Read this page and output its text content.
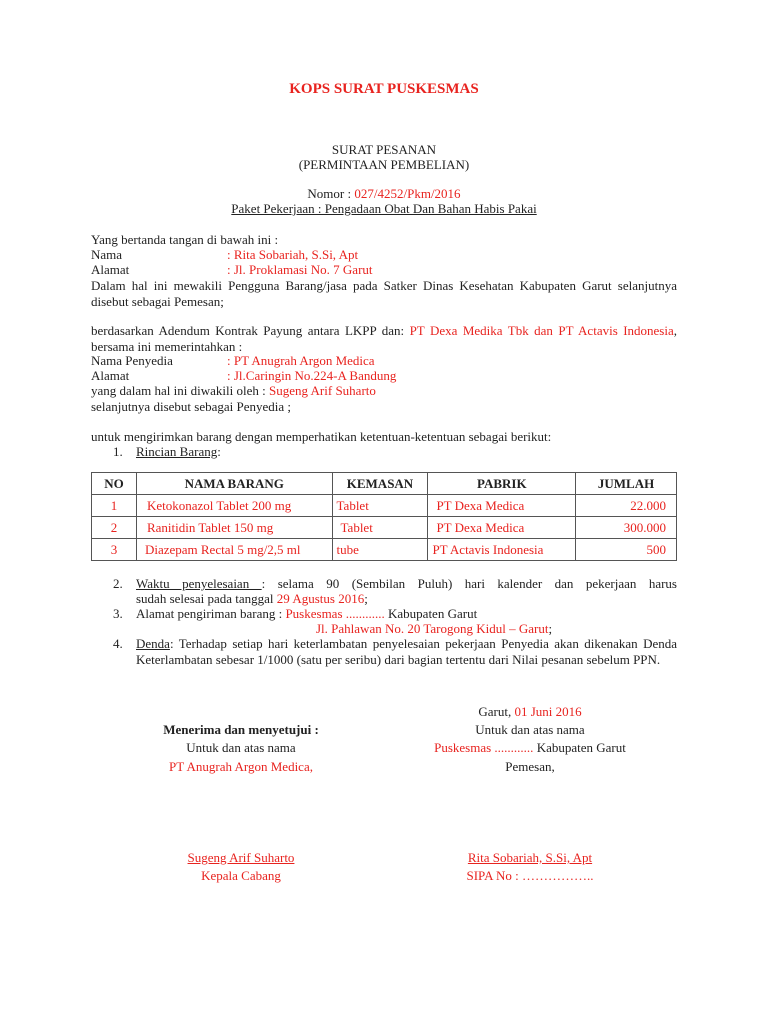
KOPS SURAT PUSKESMAS
SURAT PESANAN
(PERMINTAAN PEMBELIAN)
Nomor : 027/4252/Pkm/2016
Paket Pekerjaan : Pengadaan Obat Dan Bahan Habis Pakai
Yang bertanda tangan di bawah ini :
Nama	: Rita Sobariah, S.Si, Apt
Alamat	: Jl. Proklamasi No. 7 Garut
Dalam hal ini mewakili Pengguna Barang/jasa pada Satker Dinas Kesehatan Kabupaten Garut selanjutnya disebut sebagai Pemesan;
berdasarkan Adendum Kontrak Payung antara LKPP dan: PT Dexa Medika Tbk dan PT Actavis Indonesia, bersama ini memerintahkan :
Nama Penyedia	: PT Anugrah Argon Medica
Alamat	: Jl.Caringin No.224-A Bandung
yang dalam hal ini diwakili oleh : Sugeng Arif Suharto
selanjutnya disebut sebagai Penyedia ;
untuk mengirimkan barang dengan memperhatikan ketentuan-ketentuan sebagai berikut:
1. Rincian Barang:
NO	NAMA BARANG	KEMASAN	PABRIK	JUMLAH
1	Ketokonazol Tablet 200 mg	Tablet	PT Dexa Medica	22.000
2	Ranitidin Tablet 150 mg	Tablet	PT Dexa Medica	300.000
3	Diazepam Rectal 5 mg/2,5 ml	tube	PT Actavis Indonesia	500
2. Waktu penyelesaian : selama 90 (Sembilan Puluh) hari kalender dan pekerjaan harus
sudah selesai pada tanggal 29 Agustus 2016;
3. Alamat pengiriman barang : Puskesmas ............ Kabupaten Garut
Jl. Pahlawan No. 20 Tarogong Kidul – Garut;
4. Denda: Terhadap setiap hari keterlambatan penyelesaian pekerjaan Penyedia akan dikenakan Denda Keterlambatan sebesar 1/1000 (satu per seribu) dari bagian tertentu dari Nilai pesanan sebelum PPN.
Garut, 01 Juni 2016
Menerima dan menyetujui :	Untuk dan atas nama
Untuk dan atas nama	Puskesmas ............ Kabupaten Garut
PT Anugrah Argon Medica,	Pemesan,
Sugeng Arif Suharto
Kepala Cabang
Rita Sobariah, S.Si, Apt
SIPA No : ……………..
